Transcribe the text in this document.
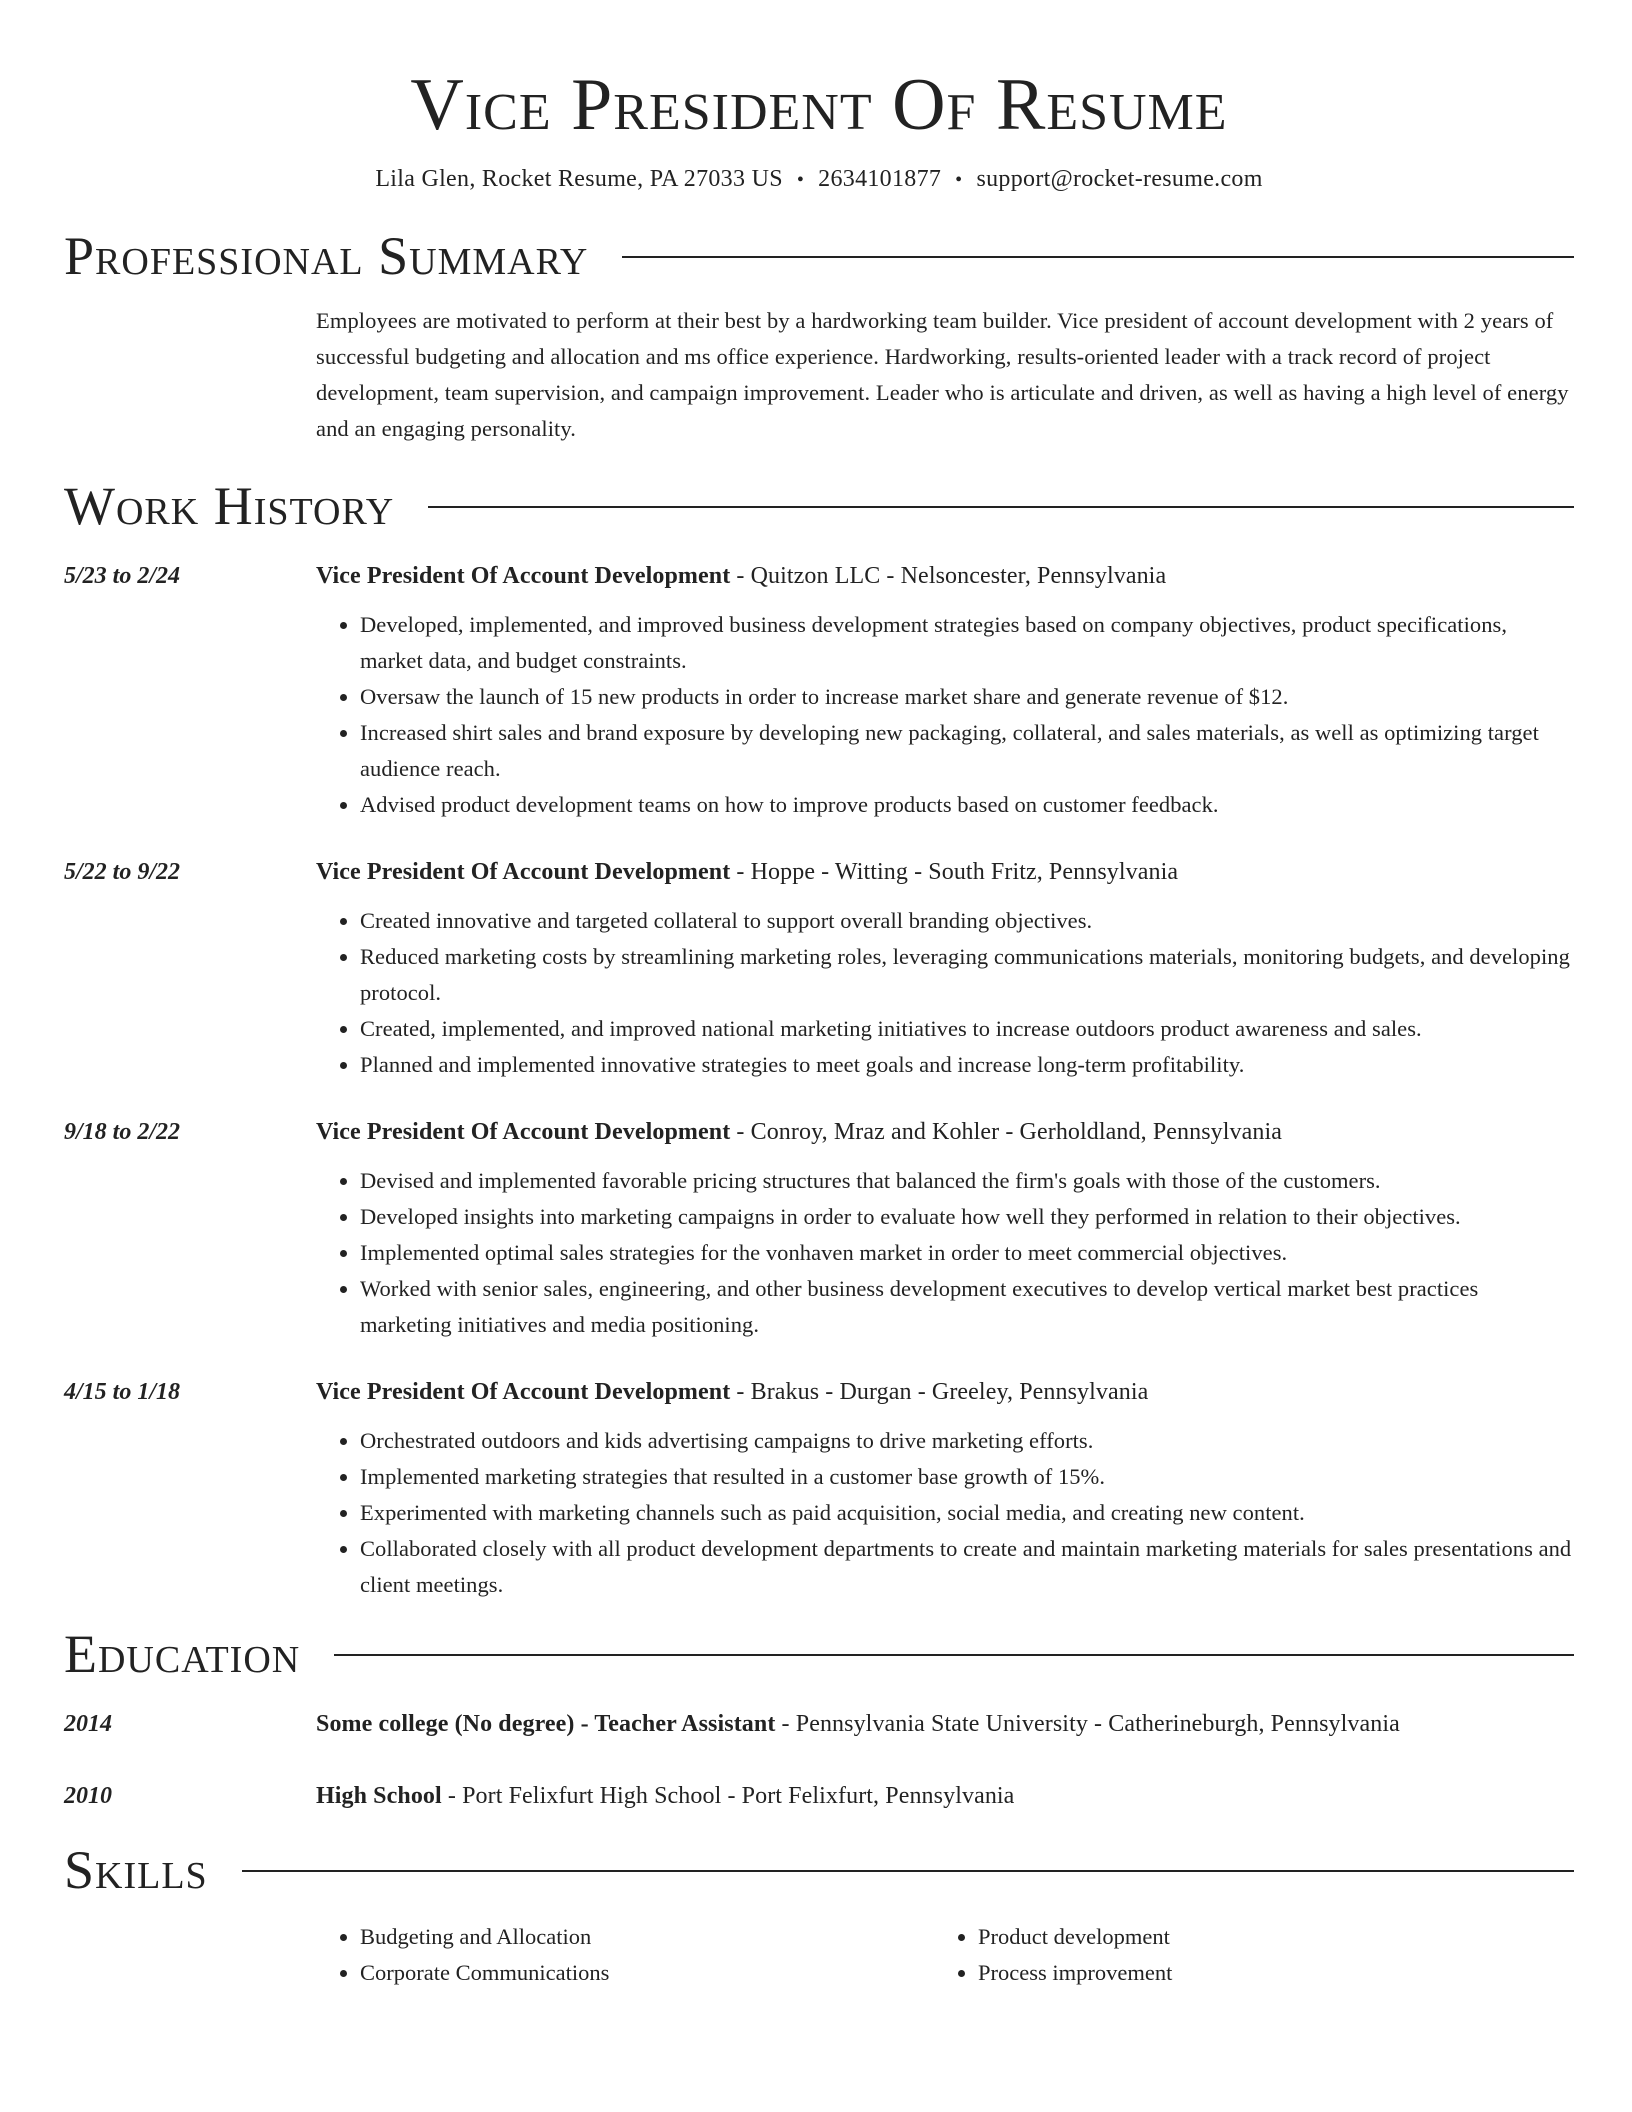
Vice President Of Resume
Lila Glen, Rocket Resume, PA 27033 US • 2634101877 • support@rocket-resume.com
Professional Summary
Employees are motivated to perform at their best by a hardworking team builder. Vice president of account development with 2 years of successful budgeting and allocation and ms office experience. Hardworking, results-oriented leader with a track record of project development, team supervision, and campaign improvement. Leader who is articulate and driven, as well as having a high level of energy and an engaging personality.
Work History
5/23 to 2/24	Vice President Of Account Development - Quitzon LLC - Nelsoncester, Pennsylvania
• Developed, implemented, and improved business development strategies based on company objectives, product specifications, market data, and budget constraints.
• Oversaw the launch of 15 new products in order to increase market share and generate revenue of $12.
• Increased shirt sales and brand exposure by developing new packaging, collateral, and sales materials, as well as optimizing target audience reach.
• Advised product development teams on how to improve products based on customer feedback.
5/22 to 9/22	Vice President Of Account Development - Hoppe - Witting - South Fritz, Pennsylvania
• Created innovative and targeted collateral to support overall branding objectives.
• Reduced marketing costs by streamlining marketing roles, leveraging communications materials, monitoring budgets, and developing protocol.
• Created, implemented, and improved national marketing initiatives to increase outdoors product awareness and sales.
• Planned and implemented innovative strategies to meet goals and increase long-term profitability.
9/18 to 2/22	Vice President Of Account Development - Conroy, Mraz and Kohler - Gerholdland, Pennsylvania
• Devised and implemented favorable pricing structures that balanced the firm's goals with those of the customers.
• Developed insights into marketing campaigns in order to evaluate how well they performed in relation to their objectives.
• Implemented optimal sales strategies for the vonhaven market in order to meet commercial objectives.
• Worked with senior sales, engineering, and other business development executives to develop vertical market best practices marketing initiatives and media positioning.
4/15 to 1/18	Vice President Of Account Development - Brakus - Durgan - Greeley, Pennsylvania
• Orchestrated outdoors and kids advertising campaigns to drive marketing efforts.
• Implemented marketing strategies that resulted in a customer base growth of 15%.
• Experimented with marketing channels such as paid acquisition, social media, and creating new content.
• Collaborated closely with all product development departments to create and maintain marketing materials for sales presentations and client meetings.
Education
2014	Some college (No degree) - Teacher Assistant - Pennsylvania State University - Catherineburgh, Pennsylvania
2010	High School - Port Felixfurt High School - Port Felixfurt, Pennsylvania
Skills
• Budgeting and Allocation
• Corporate Communications
• Product development
• Process improvement
